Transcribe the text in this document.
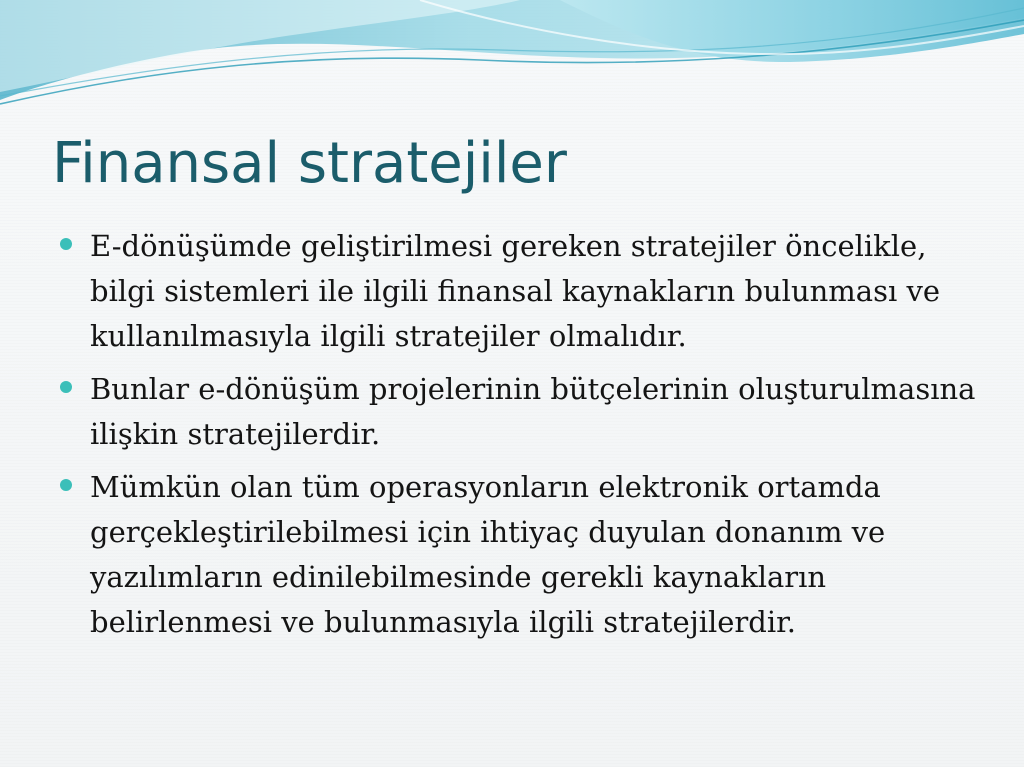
Finansal stratejiler
E-dönüşümde geliştirilmesi gereken stratejiler öncelikle, bilgi sistemleri ile ilgili finansal kaynakların bulunması ve kullanılmasıyla ilgili stratejiler olmalıdır.
Bunlar e-dönüşüm projelerinin bütçelerinin oluşturulmasına ilişkin stratejilerdir.
Mümkün olan tüm operasyonların elektronik ortamda gerçekleştirilebilmesi için ihtiyaç duyulan donanım ve yazılımların edinilebilmesinde gerekli kaynakların belirlenmesi ve bulunmasıyla ilgili stratejilerdir.
